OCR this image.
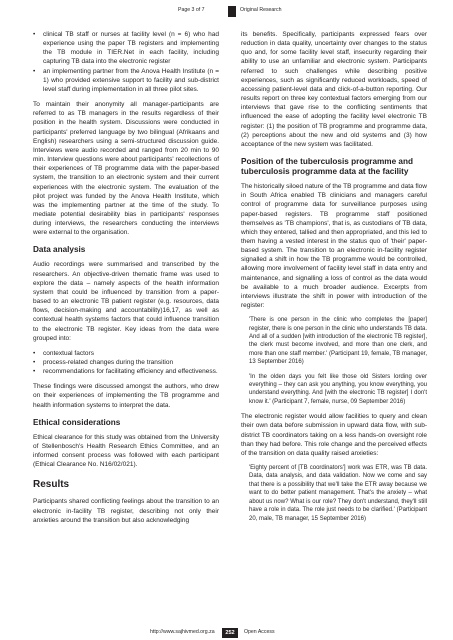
Page 3 of 7	Original Research
• clinical TB staff or nurses at facility level (n = 6) who had experience using the paper TB registers and implementing the TB module in TIER.Net in each facility, including capturing TB data into the electronic register
• an implementing partner from the Anova Health Institute (n = 1) who provided extensive support to facility and sub-district level staff during implementation in all three pilot sites.

To maintain their anonymity all manager-participants are referred to as TB managers in the results regardless of their position in the health system. Discussions were conducted in participants' preferred language by two bilingual (Afrikaans and English) researchers using a semi-structured discussion guide. Interviews were audio recorded and ranged from 20 min to 90 min. Interview questions were about participants' recollections of their experiences of TB programme data with the paper-based system, the transition to an electronic system and their current experiences with the electronic system. The evaluation of the pilot project was funded by the Anova Health Institute, which was the implementing partner at the time of the study. To mediate potential desirability bias in participants' responses during interviews, the researchers conducting the interviews were external to the organisation.

Data analysis

Audio recordings were summarised and transcribed by the researchers. An objective-driven thematic frame was used to explore the data – namely aspects of the health information system that could be influenced by transition from a paper-based to an electronic TB patient register (e.g. resources, data flows, decision-making and accountability)16,17, as well as contextual health systems factors that could influence transition to the electronic TB register. Key ideas from the data were grouped into:

• contextual factors
• process-related changes during the transition
• recommendations for facilitating efficiency and effectiveness.

These findings were discussed amongst the authors, who drew on their experiences of implementing the TB programme and health information systems to interpret the data.

Ethical considerations

Ethical clearance for this study was obtained from the University of Stellenbosch's Health Research Ethics Committee, and an informed consent process was followed with each participant (Ethical Clearance No. N16/02/021).

Results

Participants shared conflicting feelings about the transition to an electronic in-facility TB register, describing not only their anxieties around the transition but also acknowledging

its benefits. Specifically, participants expressed fears over reduction in data quality, uncertainty over changes to the status quo and, for some facility level staff, insecurity regarding their ability to use an unfamiliar and electronic system. Participants referred to such challenges while describing positive experiences, such as significantly reduced workloads, speed of accessing patient-level data and click-of-a-button reporting. Our results report on three key contextual factors emerging from our interviews that gave rise to the conflicting sentiments that influenced the ease of adopting the facility level electronic TB register: (1) the position of TB programme and programme data, (2) perceptions about the new and old systems and (3) how acceptance of the new system was facilitated.

Position of the tuberculosis programme and tuberculosis programme data at the facility

The historically siloed nature of the TB programme and data flow in South Africa enabled TB clinicians and managers careful control of programme data for surveillance purposes using paper-based registers. TB programme staff positioned themselves as 'TB champions', that is, as custodians of TB data, which they entered, tallied and then appropriated, and this led to them having a vested interest in the status quo of 'their' paper-based system. The transition to an electronic in-facility register signalled a shift in how the TB programme would be controlled, allowing more involvement of facility level staff in data entry and maintenance, and signalling a loss of control as the data would be available to a much broader audience. Excerpts from interviews illustrate the shift in power with introduction of the register:

'There is one person in the clinic who completes the [paper] register, there is one person in the clinic who understands TB data. And all of a sudden [with introduction of the electronic TB register], the clerk must become involved, and more than one clerk, and more than one staff member.' (Participant 19, female, TB manager, 13 September 2016)
'In the olden days you felt like those old Sisters lording over everything – they can ask you anything, you know everything, you understand everything. And [with the electronic TB register] I don't know it.' (Participant 7, female, nurse, 09 September 2016)

The electronic register would allow facilities to query and clean their own data before submission in upward data flow, with sub-district TB coordinators taking on a less hands-on oversight role than they had before. This role change and the perceived effects of the transition on data quality raised anxieties:

'Eighty percent of [TB coordinators'] work was ETR, was TB data. Data, data analysis, and data validation. Now we come and say that there is a possibility that we'll take the ETR away because we want to do better patient management. That's the anxiety – what about us now? What is our role? They don't understand, they'll still have a role in data. The role just needs to be clarified.' (Participant 20, male, TB manager, 15 September 2016)
http://www.sajhivmed.org.za	252	Open Access
